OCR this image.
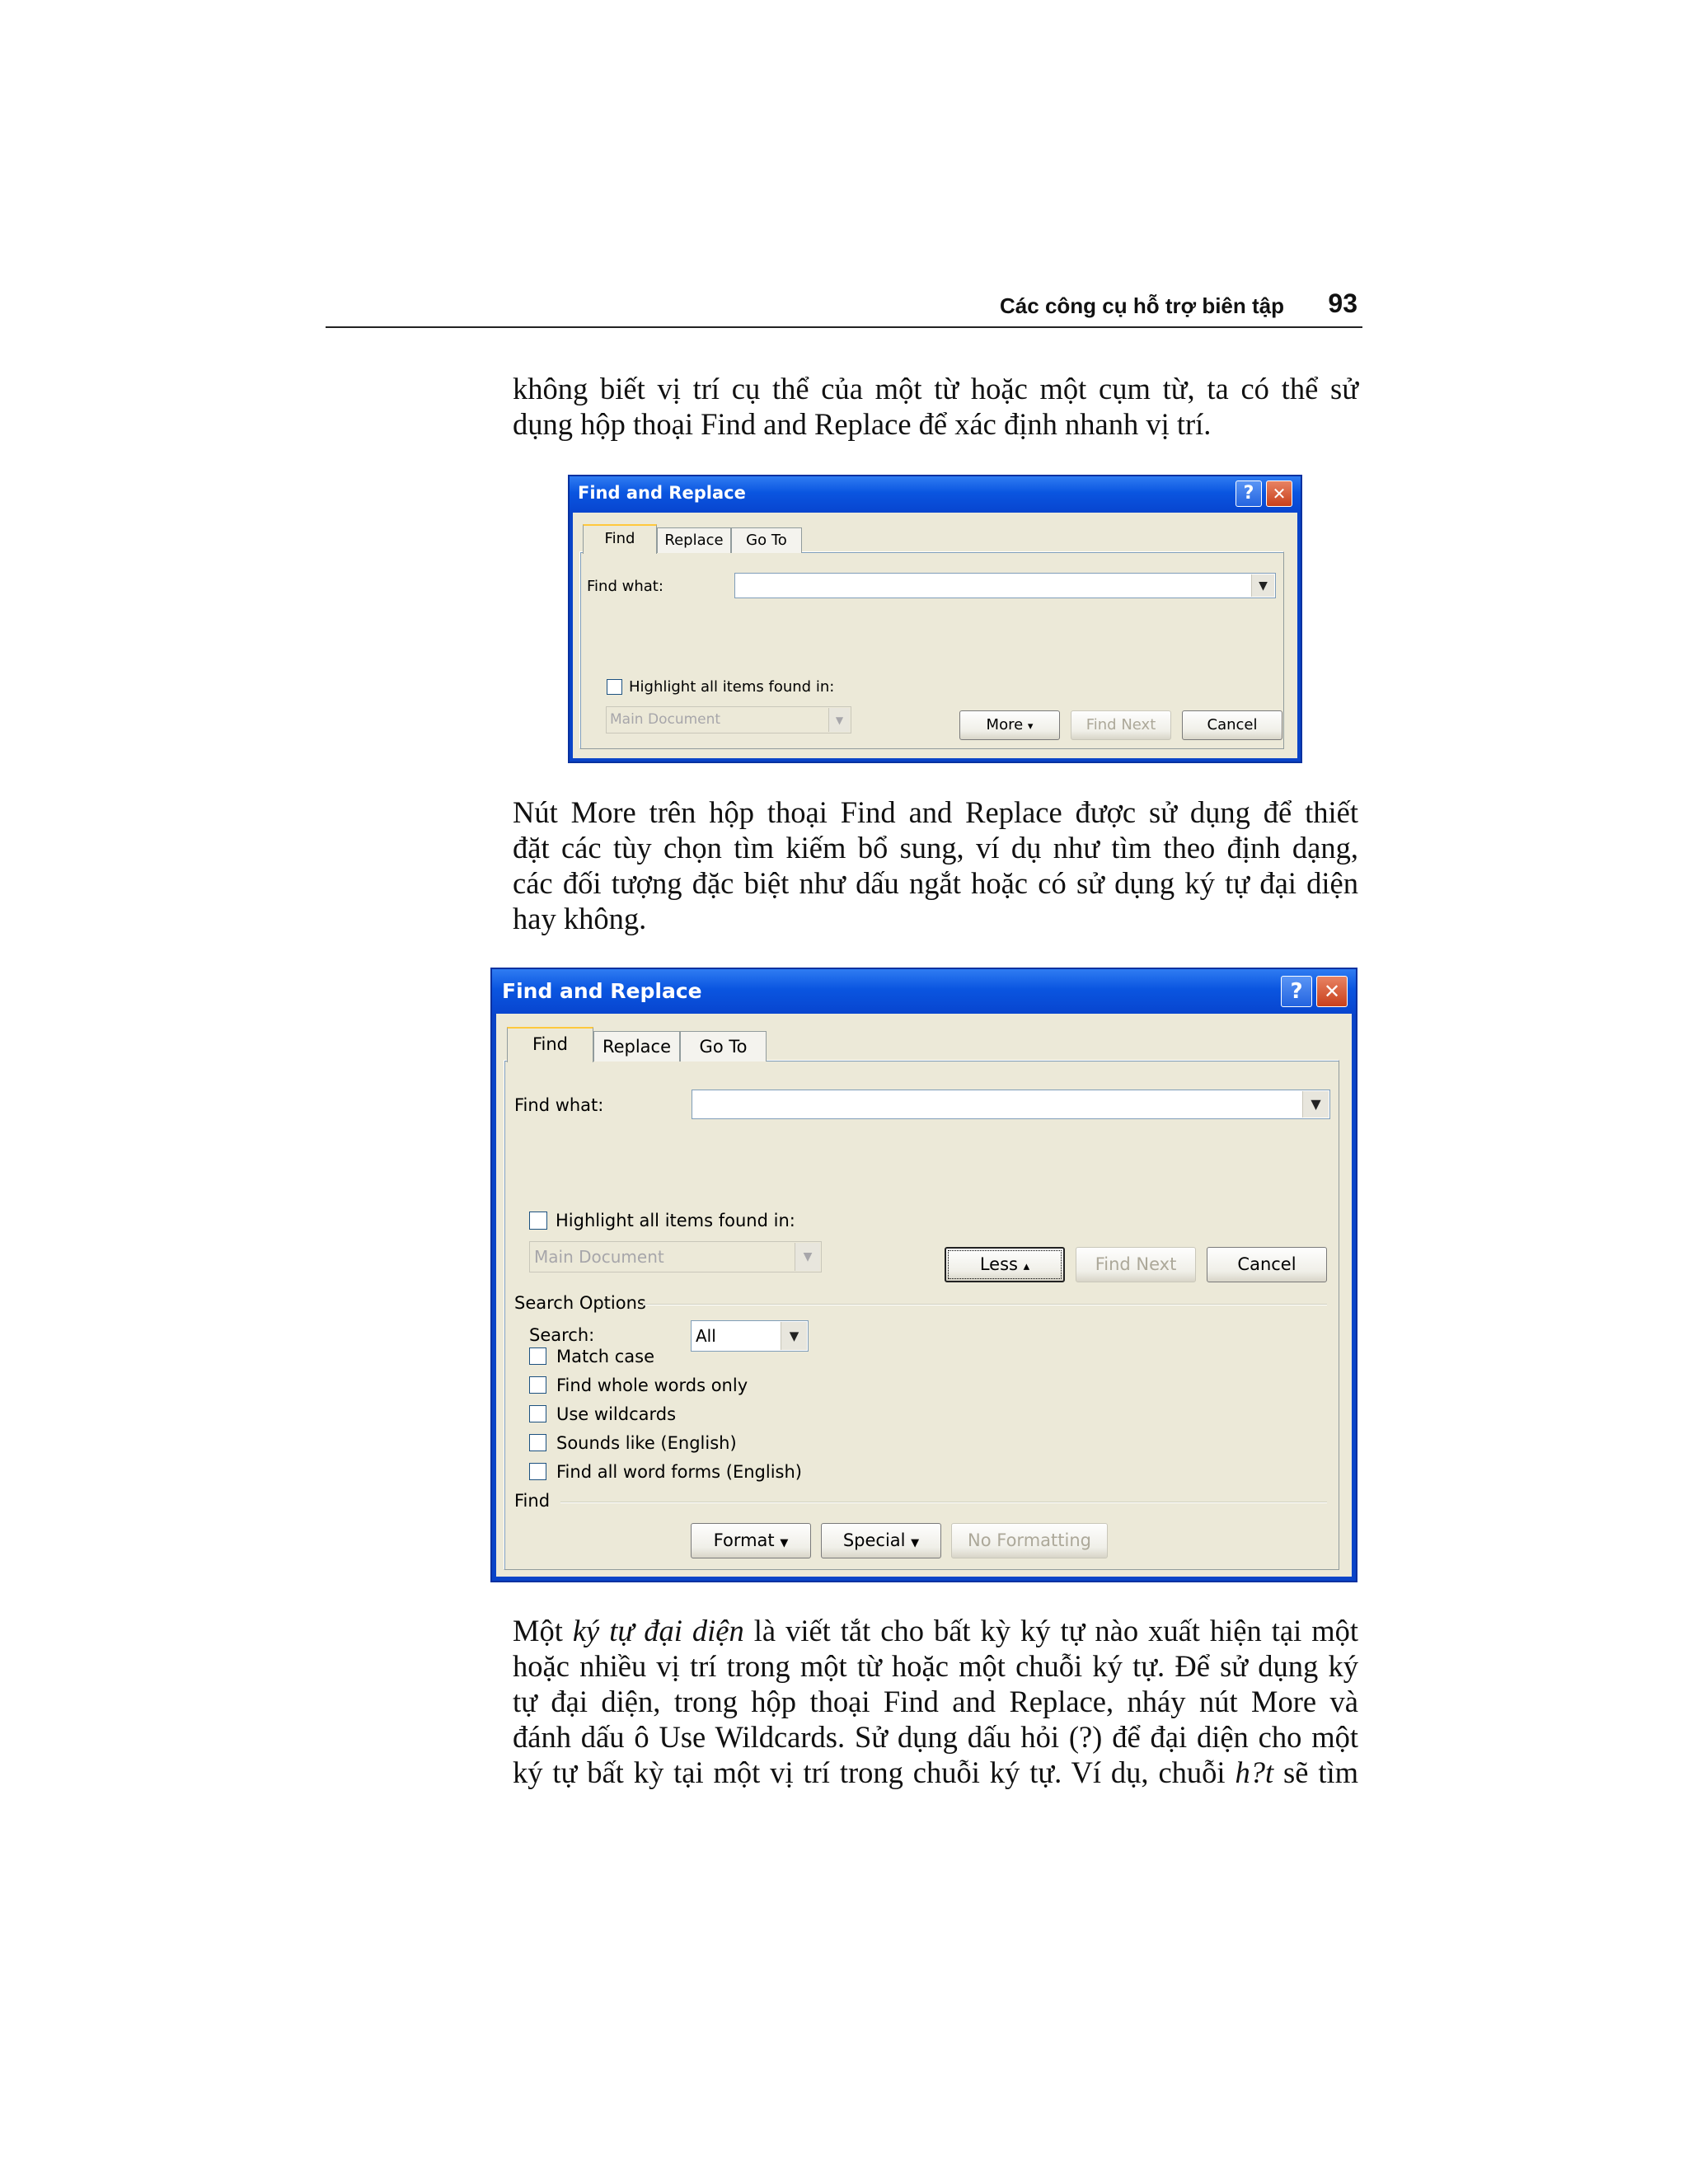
Các công cụ hỗ trợ biên tập 93

không biết vị trí cụ thể của một từ hoặc một cụm từ, ta có thể sử
dụng hộp thoại Find and Replace để xác định nhanh vị trí.

Find and Replace	?	✕
Find	Replace	Go To
Find what:	▼
Highlight all items found in:
Main Document	▼	More ▾	Find Next	Cancel

Nút More trên hộp thoại Find and Replace được sử dụng để thiết
đặt các tùy chọn tìm kiếm bổ sung, ví dụ như tìm theo định dạng,
các đối tượng đặc biệt như dấu ngắt hoặc có sử dụng ký tự đại diện
hay không.

Find and Replace	?	✕
Find	Replace	Go To
Find what:	▼
Highlight all items found in:
Main Document	▼	Less ▴	Find Next	Cancel
Search Options
Search:	All	▼
Match case
Find whole words only
Use wildcards
Sounds like (English)
Find all word forms (English)
Find
Format ▼	Special ▼	No Formatting

Một ký tự đại diện là viết tắt cho bất kỳ ký tự nào xuất hiện tại một
hoặc nhiều vị trí trong một từ hoặc một chuỗi ký tự. Để sử dụng ký
tự đại diện, trong hộp thoại Find and Replace, nháy nút More và
đánh dấu ô Use Wildcards. Sử dụng dấu hỏi (?) để đại diện cho một
ký tự bất kỳ tại một vị trí trong chuỗi ký tự. Ví dụ, chuỗi h?t sẽ tìm
